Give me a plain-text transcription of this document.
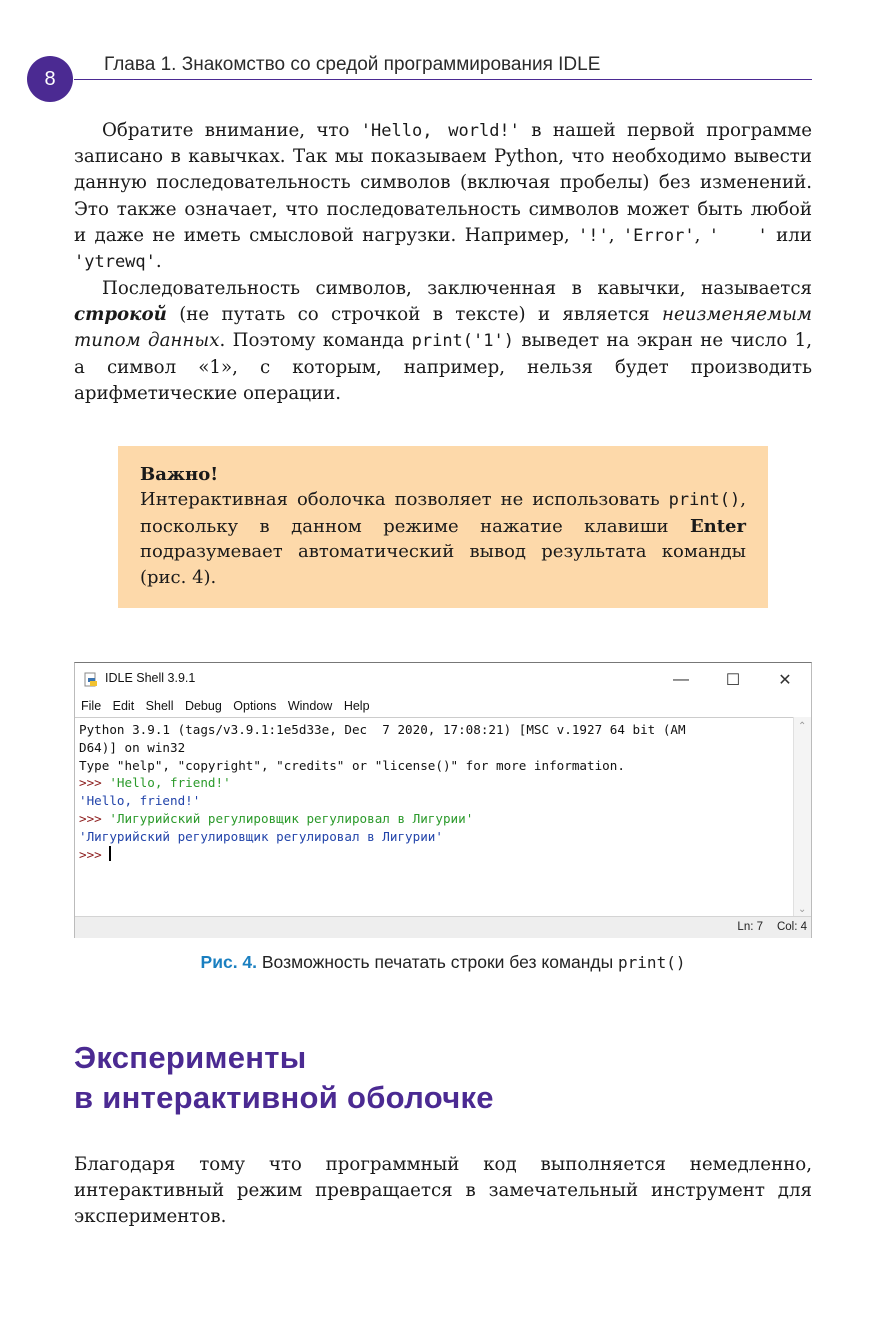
8
Глава 1. Знакомство со средой программирования IDLE

Обратите внимание, что 'Hello, world!' в нашей первой программе записано в кавычках. Так мы показываем Python, что необходимо вывести данную последовательность символов (включая пробелы) без изменений. Это также означает, что последовательность символов может быть любой и даже не иметь смысловой нагрузки. Например, '!', 'Error', '   ' или 'ytrewq'.

Последовательность символов, заключенная в кавычки, называется строкой (не путать со строчкой в тексте) и является неизменяемым типом данных. Поэтому команда print('1') выведет на экран не число 1, а символ «1», с которым, например, нельзя будет производить арифметические операции.

Важно!

Интерактивная оболочка позволяет не использовать print(), поскольку в данном режиме нажатие клавиши Enter подразумевает автоматический вывод результата команды (рис. 4).

IDLE Shell 3.9.1	—	☐	✕
File Edit Shell Debug Options Window Help
Python 3.9.1 (tags/v3.9.1:1e5d33e, Dec  7 2020, 17:08:21) [MSC v.1927 64 bit (AM
D64)] on win32
Type "help", "copyright", "credits" or "license()" for more information.
>>> 'Hello, friend!'
'Hello, friend!'
>>> 'Лигурийский регулировщик регулировал в Лигурии'
'Лигурийский регулировщик регулировал в Лигурии'
>>>
⌃
⌄
Ln: 7 Col: 4
Рис. 4. Возможность печатать строки без команды print()
Эксперименты
в интерактивной оболочке

Благодаря тому что программный код выполняется немедленно, интерактивный режим превращается в замечательный инструмент для экспериментов.
